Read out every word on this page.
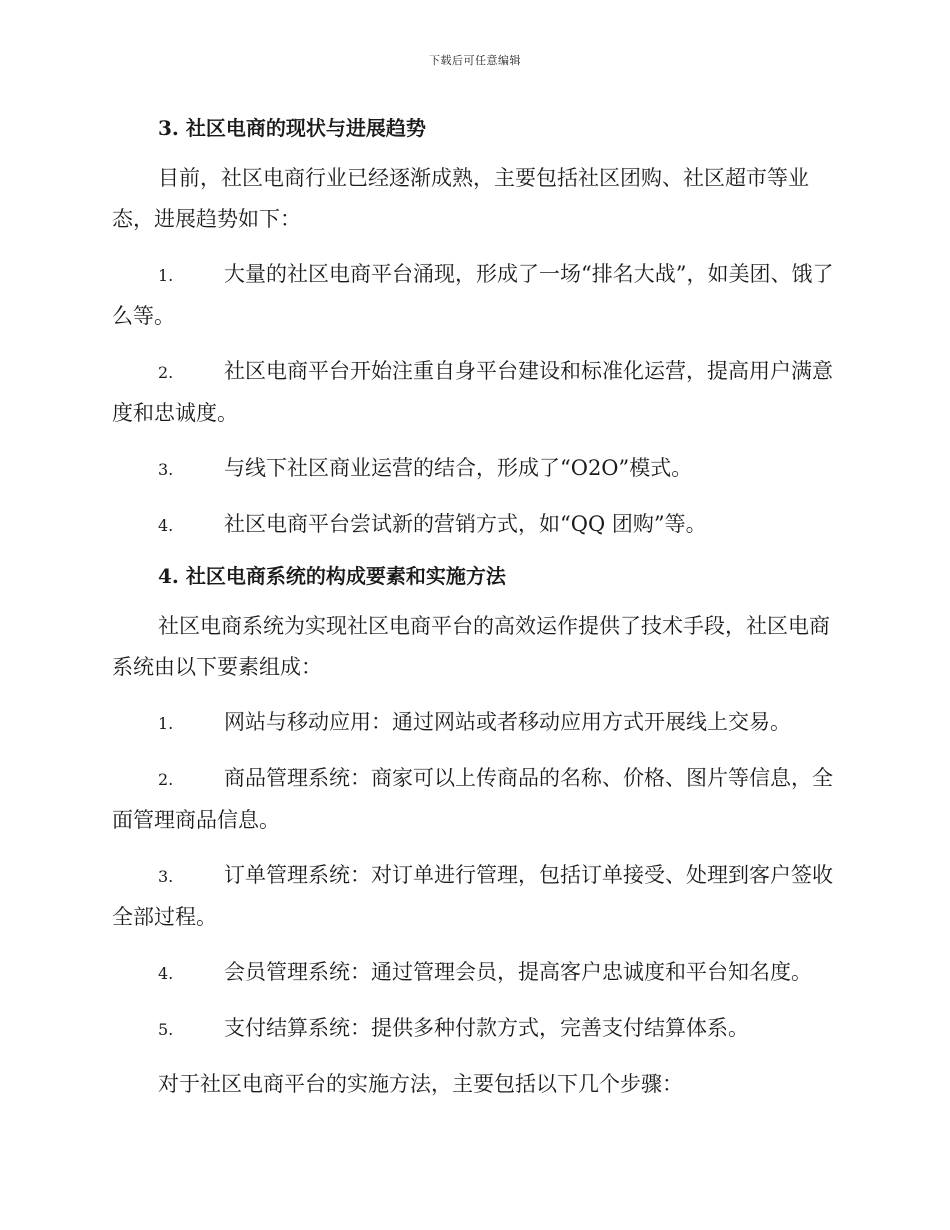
下载后可任意编辑
3. 社区电商的现状与进展趋势

目前，社区电商行业已经逐渐成熟，主要包括社区团购、社区超市等业态，进展趋势如下：

1. 大量的社区电商平台涌现，形成了一场“排名大战”，如美团、饿了么等。

2. 社区电商平台开始注重自身平台建设和标准化运营，提高用户满意度和忠诚度。

3. 与线下社区商业运营的结合，形成了“O2O”模式。

4. 社区电商平台尝试新的营销方式，如“QQ 团购”等。

4. 社区电商系统的构成要素和实施方法

社区电商系统为实现社区电商平台的高效运作提供了技术手段，社区电商系统由以下要素组成：

1. 网站与移动应用：通过网站或者移动应用方式开展线上交易。

2. 商品管理系统：商家可以上传商品的名称、价格、图片等信息，全面管理商品信息。

3. 订单管理系统：对订单进行管理，包括订单接受、处理到客户签收全部过程。

4. 会员管理系统：通过管理会员，提高客户忠诚度和平台知名度。

5. 支付结算系统：提供多种付款方式，完善支付结算体系。

对于社区电商平台的实施方法，主要包括以下几个步骤：
